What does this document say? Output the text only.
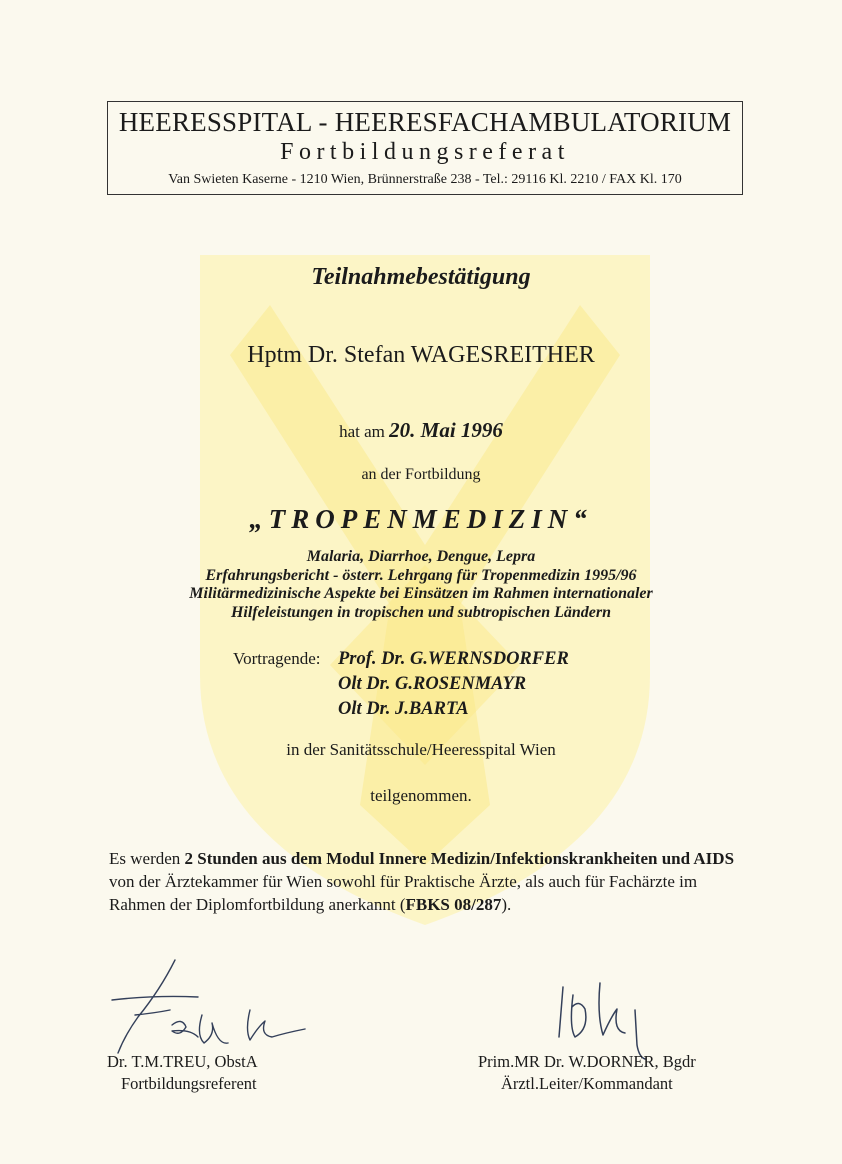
HEERESSPITAL - HEERESFACHAMBULATORIUM
Fortbildungsreferat
Van Swieten Kaserne - 1210 Wien, Brünnerstraße 238 - Tel.: 29116 Kl. 2210 / FAX Kl. 170
Teilnahmebestätigung
Hptm Dr. Stefan WAGESREITHER
hat am 20. Mai 1996
an der Fortbildung
„TROPENMEDIZIN“
Malaria, Diarrhoe, Dengue, Lepra
Erfahrungsbericht - österr. Lehrgang für Tropenmedizin 1995/96
Militärmedizinische Aspekte bei Einsätzen im Rahmen internationaler
Hilfeleistungen in tropischen und subtropischen Ländern
Vortragende: Prof. Dr. G.WERNSDORFER
Olt Dr. G.ROSENMAYR
Olt Dr. J.BARTA
in der Sanitätsschule/Heeresspital Wien
teilgenommen.
Es werden 2 Stunden aus dem Modul Innere Medizin/Infektionskrankheiten und AIDS von der Ärztekammer für Wien sowohl für Praktische Ärzte, als auch für Fachärzte im Rahmen der Diplomfortbildung anerkannt (FBKS 08/287).
Dr. T.M.TREU, ObstA
Fortbildungsreferent
Prim.MR Dr. W.DORNER, Bgdr
Ärztl.Leiter/Kommandant
